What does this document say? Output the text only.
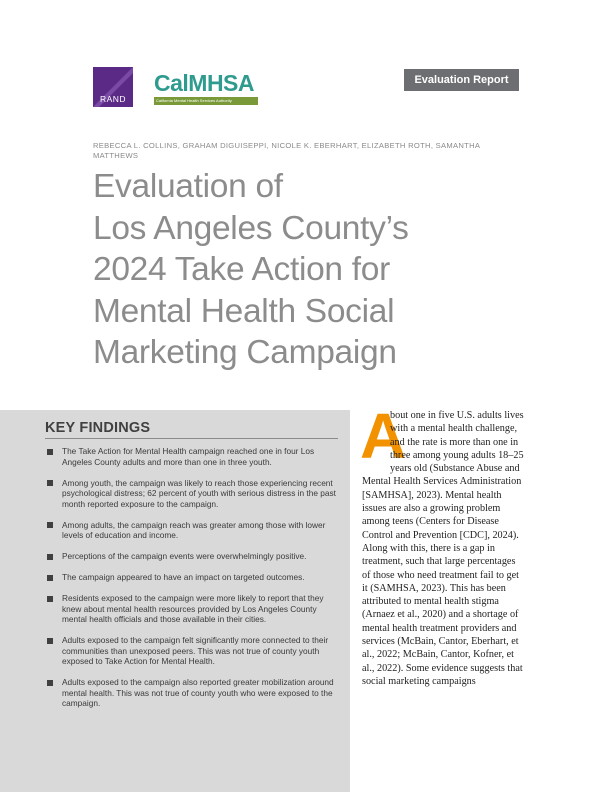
RAND
CalMHSA
California Mental Health Services Authority
Evaluation Report
REBECCA L. COLLINS, GRAHAM DIGUISEPPI, NICOLE K. EBERHART, ELIZABETH ROTH, SAMANTHA MATTHEWS
Evaluation of
Los Angeles County’s
2024 Take Action for
Mental Health Social
Marketing Campaign
KEY FINDINGS
The Take Action for Mental Health campaign reached one in four Los Angeles County adults and more than one in three youth.
Among youth, the campaign was likely to reach those experiencing recent psychological distress; 62 percent of youth with serious distress in the past month reported exposure to the campaign.
Among adults, the campaign reach was greater among those with lower levels of education and income.
Perceptions of the campaign events were overwhelmingly positive.
The campaign appeared to have an impact on targeted outcomes.
Residents exposed to the campaign were more likely to report that they knew about mental health resources provided by Los Angeles County mental health officials and those available in their cities.
Adults exposed to the campaign felt significantly more connected to their communities than unexposed peers. This was not true of county youth exposed to Take Action for Mental Health.
Adults exposed to the campaign also reported greater mobilization around mental health. This was not true of county youth who were exposed to the campaign.

A
bout one in five U.S. adults lives with a mental health challenge, and the rate is more than one in three among young adults 18–25 years old (Substance Abuse and Mental Health Services Administration [SAMHSA], 2023). Mental health issues are also a growing problem among teens (Centers for Disease Control and Prevention [CDC], 2024). Along with this, there is a gap in treatment, such that large percentages of those who need treatment fail to get it (SAMHSA, 2023). This has been attributed to mental health stigma (Arnaez et al., 2020) and a shortage of mental health treatment providers and services (McBain, Cantor, Eberhart, et al., 2022; McBain, Cantor, Kofner, et al., 2022). Some evidence suggests that social marketing campaigns
